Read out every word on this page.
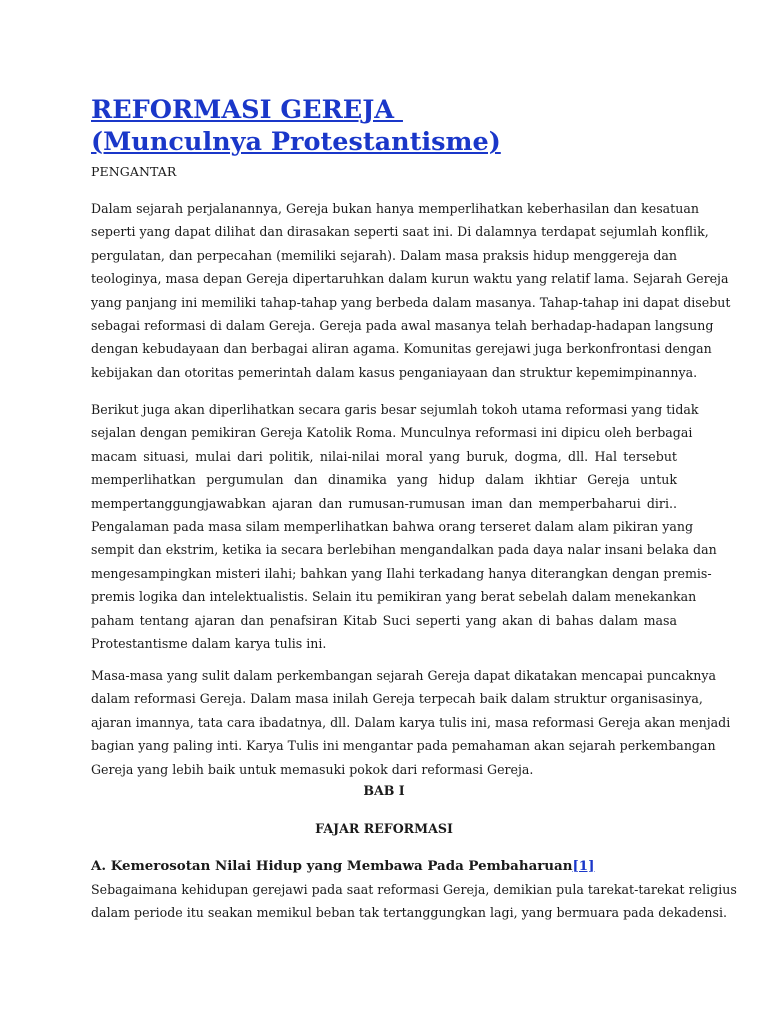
REFORMASI GEREJA
(Munculnya Protestantisme)
PENGANTAR
Dalam sejarah perjalanannya, Gereja bukan hanya memperlihatkan keberhasilan dan kesatuan
seperti yang dapat dilihat dan dirasakan seperti saat ini. Di dalamnya terdapat sejumlah konflik,
pergulatan, dan perpecahan (memiliki sejarah). Dalam masa praksis hidup menggereja dan
teologinya, masa depan Gereja dipertaruhkan dalam kurun waktu yang relatif lama. Sejarah Gereja
yang panjang ini memiliki tahap-tahap yang berbeda dalam masanya. Tahap-tahap ini dapat disebut
sebagai reformasi di dalam Gereja. Gereja pada awal masanya telah berhadap-hadapan langsung
dengan kebudayaan dan berbagai aliran agama. Komunitas gerejawi juga berkonfrontasi dengan
kebijakan dan otoritas pemerintah dalam kasus penganiayaan dan struktur kepemimpinannya.
Berikut juga akan diperlihatkan secara garis besar sejumlah tokoh utama reformasi yang tidak
sejalan dengan pemikiran Gereja Katolik Roma. Munculnya reformasi ini dipicu oleh berbagai
macam situasi, mulai dari politik, nilai-nilai moral yang buruk, dogma, dll. Hal tersebut
memperlihatkan pergumulan dan dinamika yang hidup dalam ikhtiar Gereja untuk
mempertanggungjawabkan ajaran dan rumusan-rumusan iman dan memperbaharui diri..
Pengalaman pada masa silam memperlihatkan bahwa orang terseret dalam alam pikiran yang
sempit dan ekstrim, ketika ia secara berlebihan mengandalkan pada daya nalar insani belaka dan
mengesampingkan misteri ilahi; bahkan yang Ilahi terkadang hanya diterangkan dengan premis-
premis logika dan intelektualistis. Selain itu pemikiran yang berat sebelah dalam menekankan
paham tentang ajaran dan penafsiran Kitab Suci seperti yang akan di bahas dalam masa
Protestantisme dalam karya tulis ini.
Masa-masa yang sulit dalam perkembangan sejarah Gereja dapat dikatakan mencapai puncaknya
dalam reformasi Gereja. Dalam masa inilah Gereja terpecah baik dalam struktur organisasinya,
ajaran imannya, tata cara ibadatnya, dll. Dalam karya tulis ini, masa reformasi Gereja akan menjadi
bagian yang paling inti. Karya Tulis ini mengantar pada pemahaman akan sejarah perkembangan
Gereja yang lebih baik untuk memasuki pokok dari reformasi Gereja.
BAB I
FAJAR REFORMASI
A. Kemerosotan Nilai Hidup yang Membawa Pada Pembaharuan[1]
Sebagaimana kehidupan gerejawi pada saat reformasi Gereja, demikian pula tarekat-tarekat religius
dalam periode itu seakan memikul beban tak tertanggungkan lagi, yang bermuara pada dekadensi.
